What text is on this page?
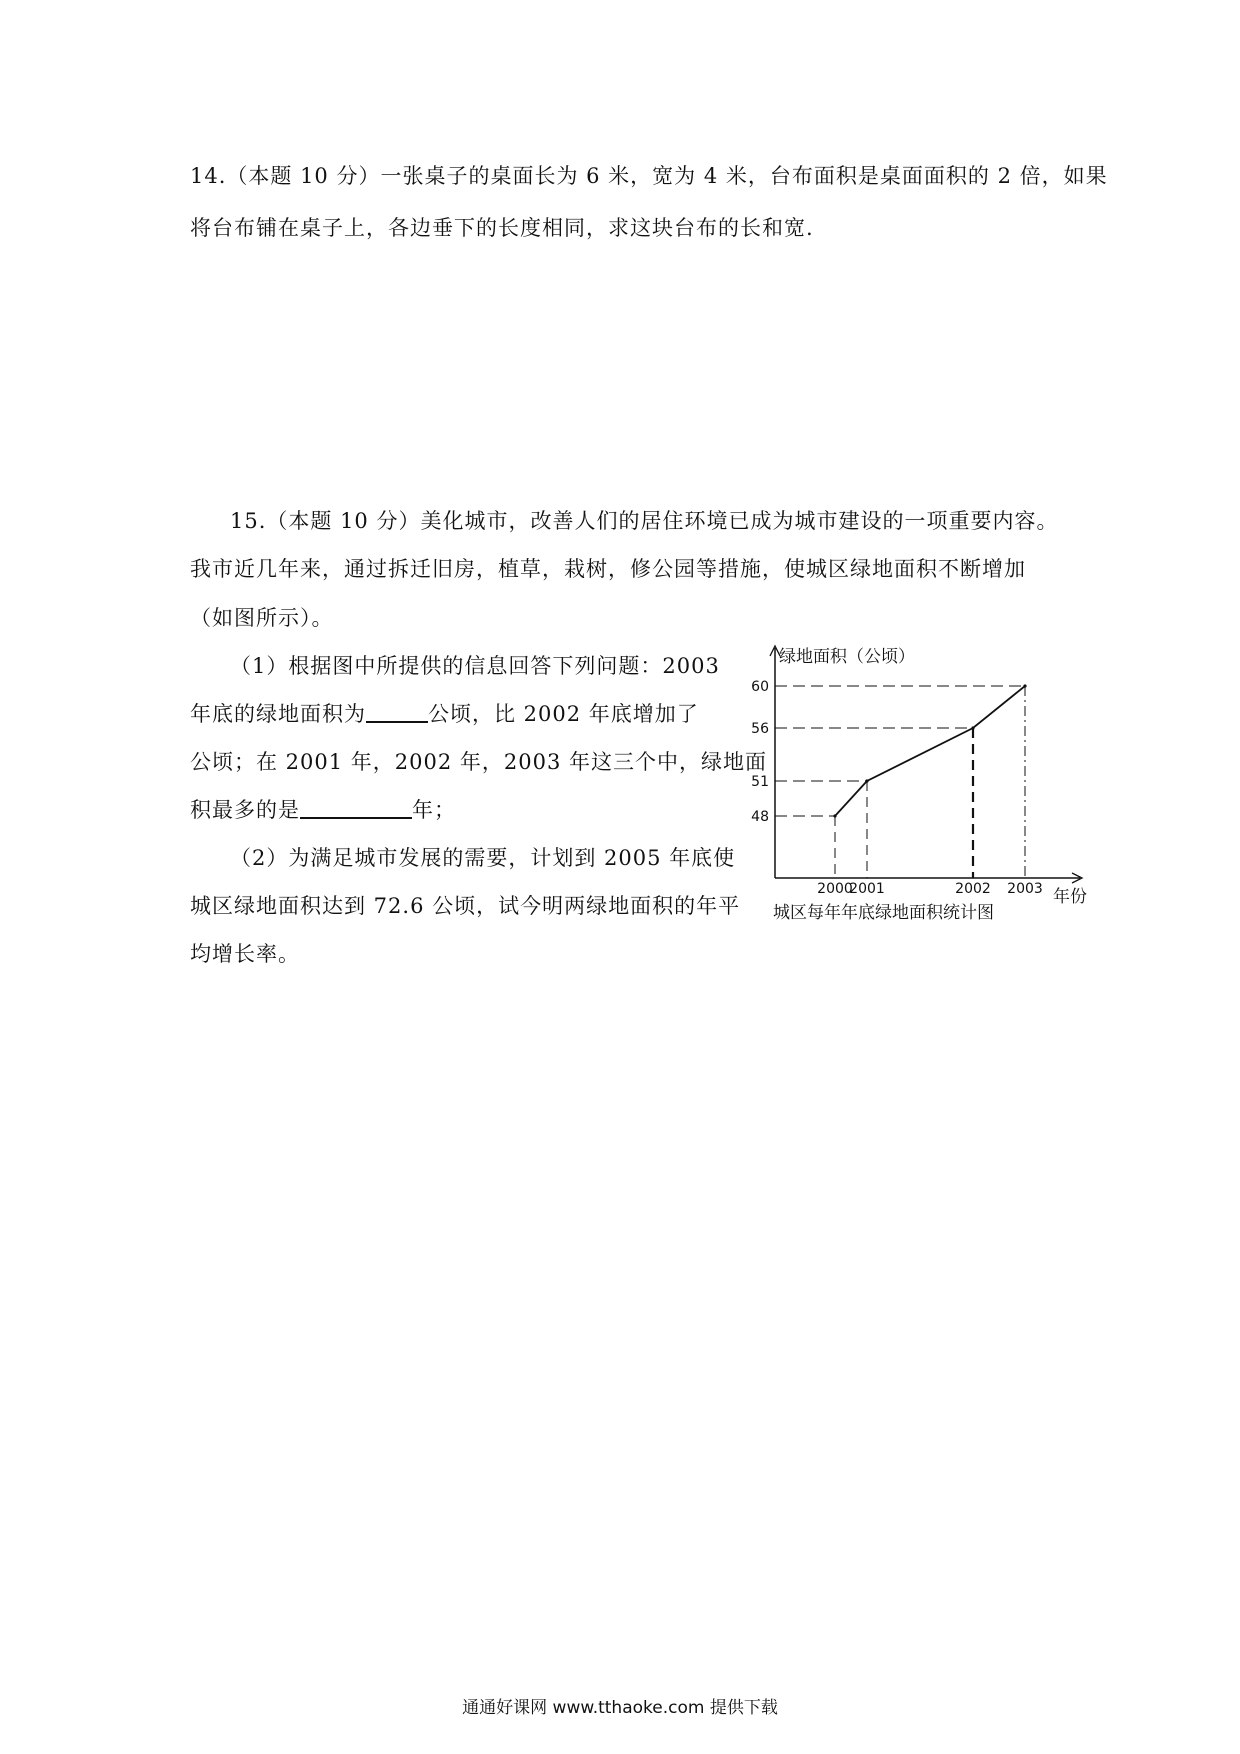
14.（本题 10 分）一张桌子的桌面长为 6 米，宽为 4 米，台布面积是桌面面积的 2 倍，如果
将台布铺在桌子上，各边垂下的长度相同，求这块台布的长和宽.
15.（本题 10 分）美化城市，改善人们的居住环境已成为城市建设的一项重要内容。
我市近几年来，通过拆迁旧房，植草，栽树，修公园等措施，使城区绿地面积不断增加
（如图所示）。
（1）根据图中所提供的信息回答下列问题：2003
年底的绿地面积为	公顷，比 2002 年底增加了
公顷；在 2001 年，2002 年，2003 年这三个中，绿地面
积最多的是	年；
（2）为满足城市发展的需要，计划到 2005 年底使
城区绿地面积达到 72.6 公顷，试今明两绿地面积的年平
均增长率。
绿地面积（公顷）
年份
城区每年年底绿地面积统计图
48
2000
51
2001
56
2002
60
2003
通通好课网 www.tthaoke.com 提供下载
